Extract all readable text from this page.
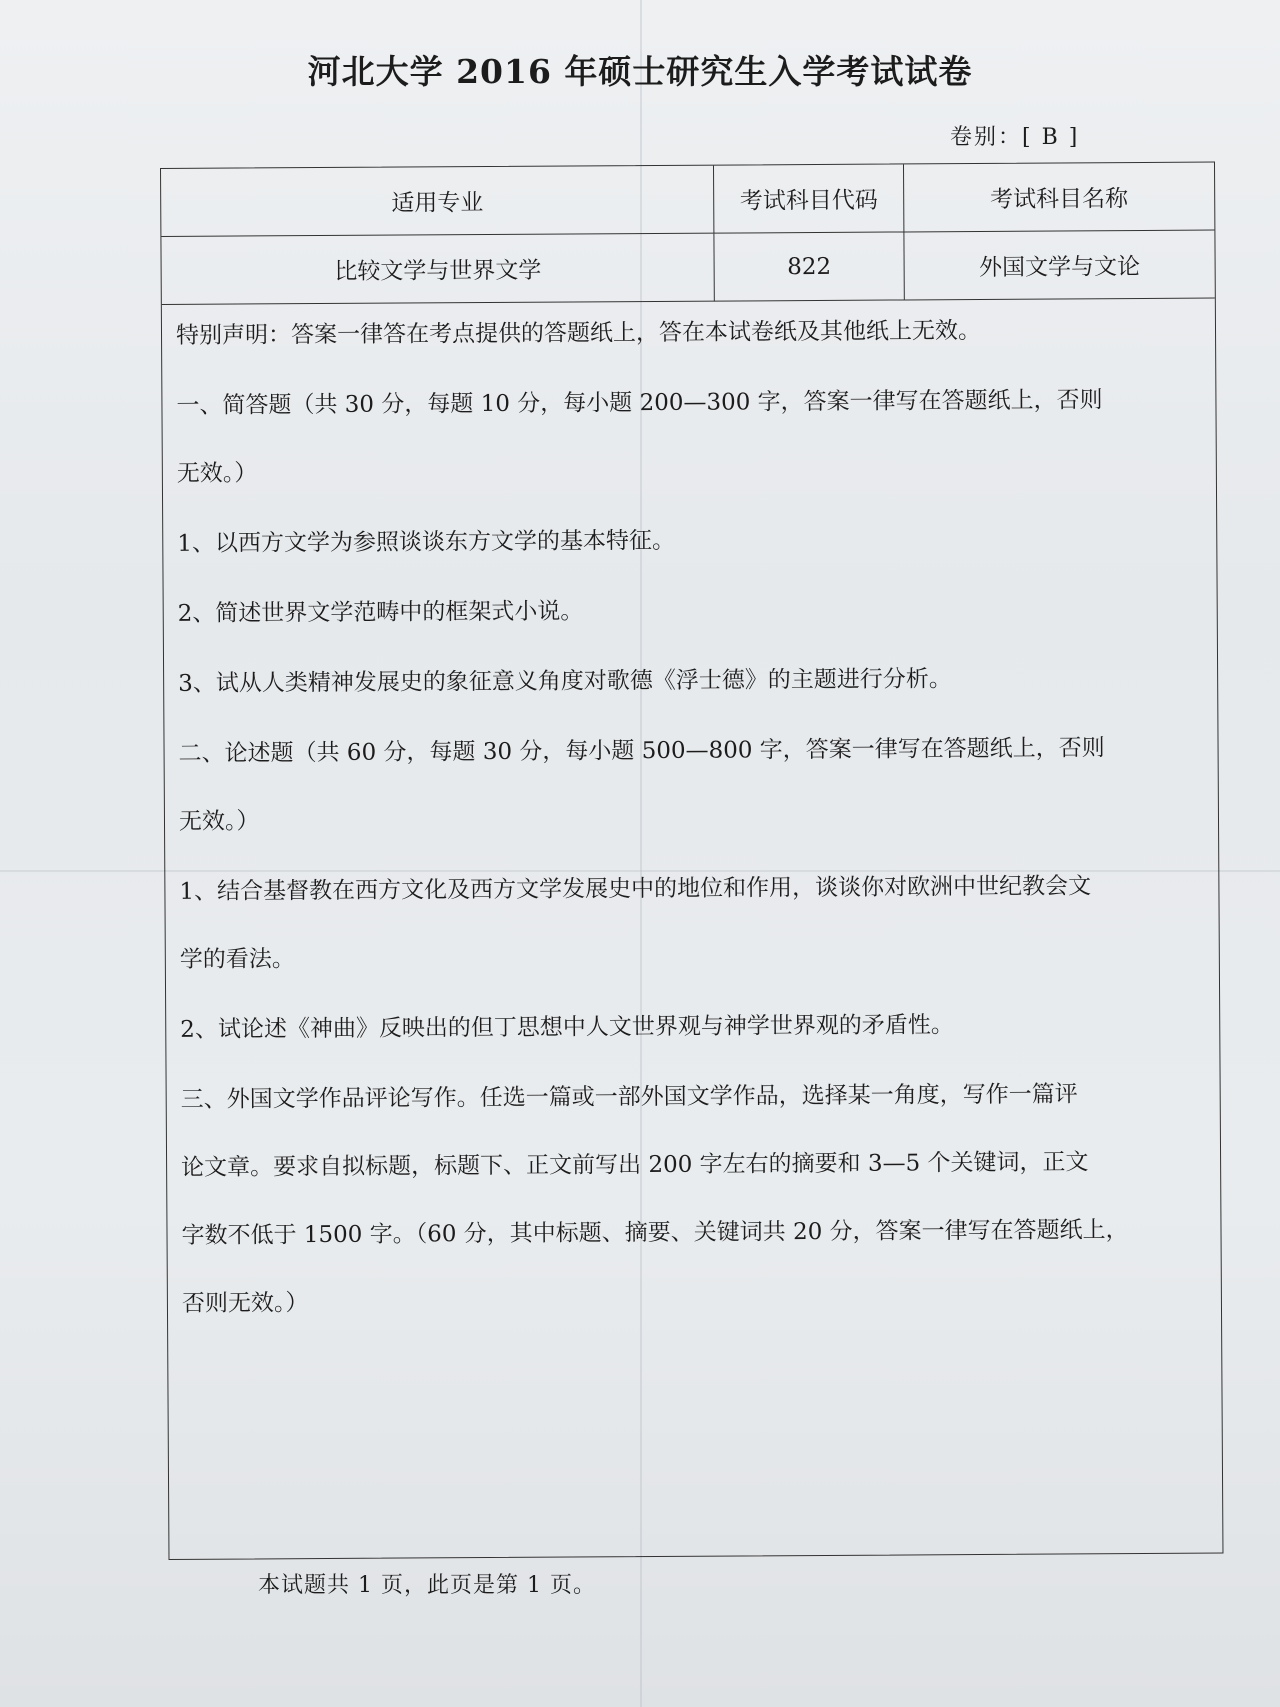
河北大学 2016 年硕士研究生入学考试试卷
卷别：[ B ]
适用专业	考试科目代码	考试科目名称
比较文学与世界文学	822	外国文学与文论
特别声明：答案一律答在考点提供的答题纸上，答在本试卷纸及其他纸上无效。
一、简答题（共 30 分，每题 10 分，每小题 200—300 字，答案一律写在答题纸上，否则
无效。）
1、以西方文学为参照谈谈东方文学的基本特征。
2、简述世界文学范畴中的框架式小说。
3、试从人类精神发展史的象征意义角度对歌德《浮士德》的主题进行分析。
二、论述题（共 60 分，每题 30 分，每小题 500—800 字，答案一律写在答题纸上，否则
无效。）
1、结合基督教在西方文化及西方文学发展史中的地位和作用，谈谈你对欧洲中世纪教会文
学的看法。
2、试论述《神曲》反映出的但丁思想中人文世界观与神学世界观的矛盾性。
三、外国文学作品评论写作。任选一篇或一部外国文学作品，选择某一角度，写作一篇评
论文章。要求自拟标题，标题下、正文前写出 200 字左右的摘要和 3—5 个关键词，正文
字数不低于 1500 字。（60 分，其中标题、摘要、关键词共 20 分，答案一律写在答题纸上，
否则无效。）
本试题共 1 页，此页是第 1 页。
